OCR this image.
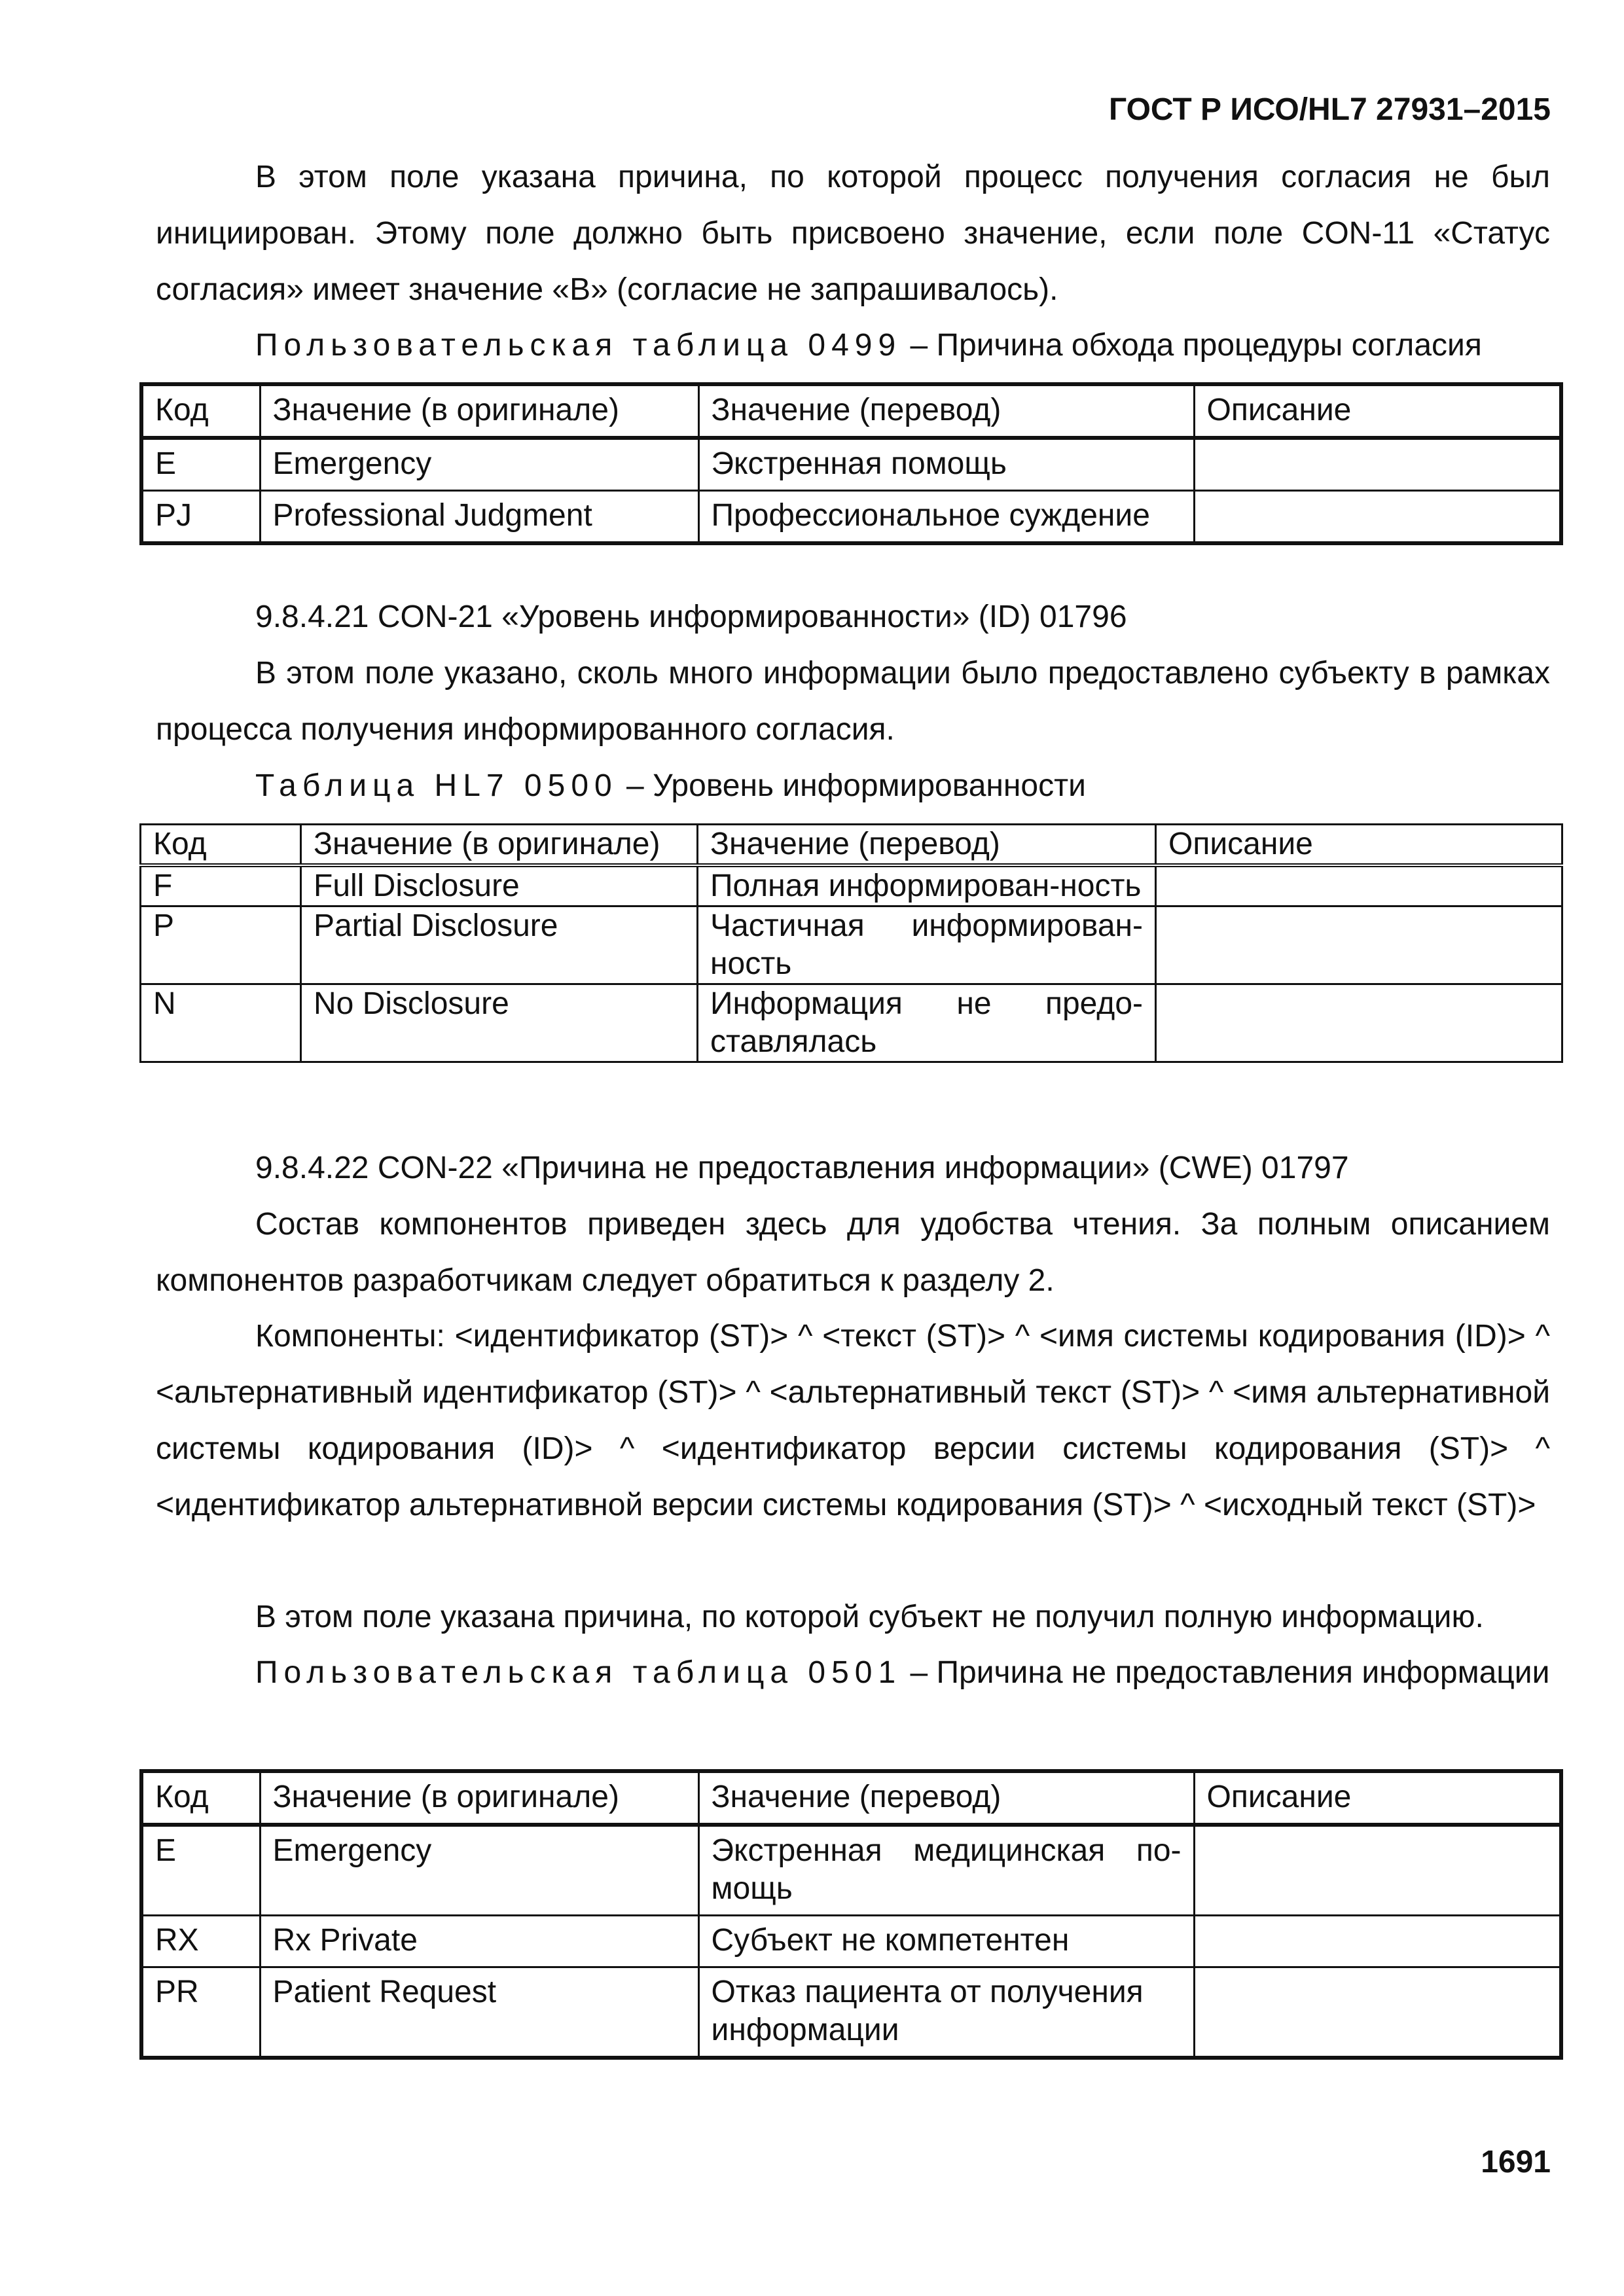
ГОСТ Р ИСО/HL7 27931–2015

В этом поле указана причина, по которой процесс получения согласия не был инициирован. Этому поле должно быть присвоено значение, если поле CON-11 «Статус согласия» имеет значение «B» (согласие не запрашивалось).

Пользовательская таблица 0499 – Причина обхода процедуры согласия

Код	Значение (в оригинале)	Значение (перевод)	Описание
E	Emergency	Экстренная помощь	
PJ	Professional Judgment	Профессиональное суждение	

9.8.4.21 CON-21 «Уровень информированности» (ID) 01796

В этом поле указано, сколь много информации было предоставлено субъекту в рамках процесса получения информированного согласия.

Таблица HL7 0500 – Уровень информированности

Код	Значение (в оригинале)	Значение (перевод)	Описание
F	Full Disclosure	Полная информирован-ность	
P	Partial Disclosure	Частичная информирован-ность	
N	No Disclosure	Информация не предо-ставлялась	

9.8.4.22 CON-22 «Причина не предоставления информации» (CWE) 01797

Состав компонентов приведен здесь для удобства чтения. За полным описанием компонентов разработчикам следует обратиться к разделу 2.

Компоненты: <идентификатор (ST)> ^ <текст (ST)> ^ <имя системы кодирования (ID)> ^ <альтернативный идентификатор (ST)> ^ <альтернативный текст (ST)> ^ <имя альтернативной системы кодирования (ID)> ^ <идентификатор версии системы кодирования (ST)> ^ <идентификатор альтернативной версии системы кодирования (ST)> ^ <исходный текст (ST)>

В этом поле указана причина, по которой субъект не получил полную информацию.

Пользовательская таблица 0501 – Причина не предоставления информации

Код	Значение (в оригинале)	Значение (перевод)	Описание
E	Emergency	Экстренная медицинская по-мощь	
RX	Rx Private	Субъект не компетентен	
PR	Patient Request	Отказ пациента от получения информации	
1691
